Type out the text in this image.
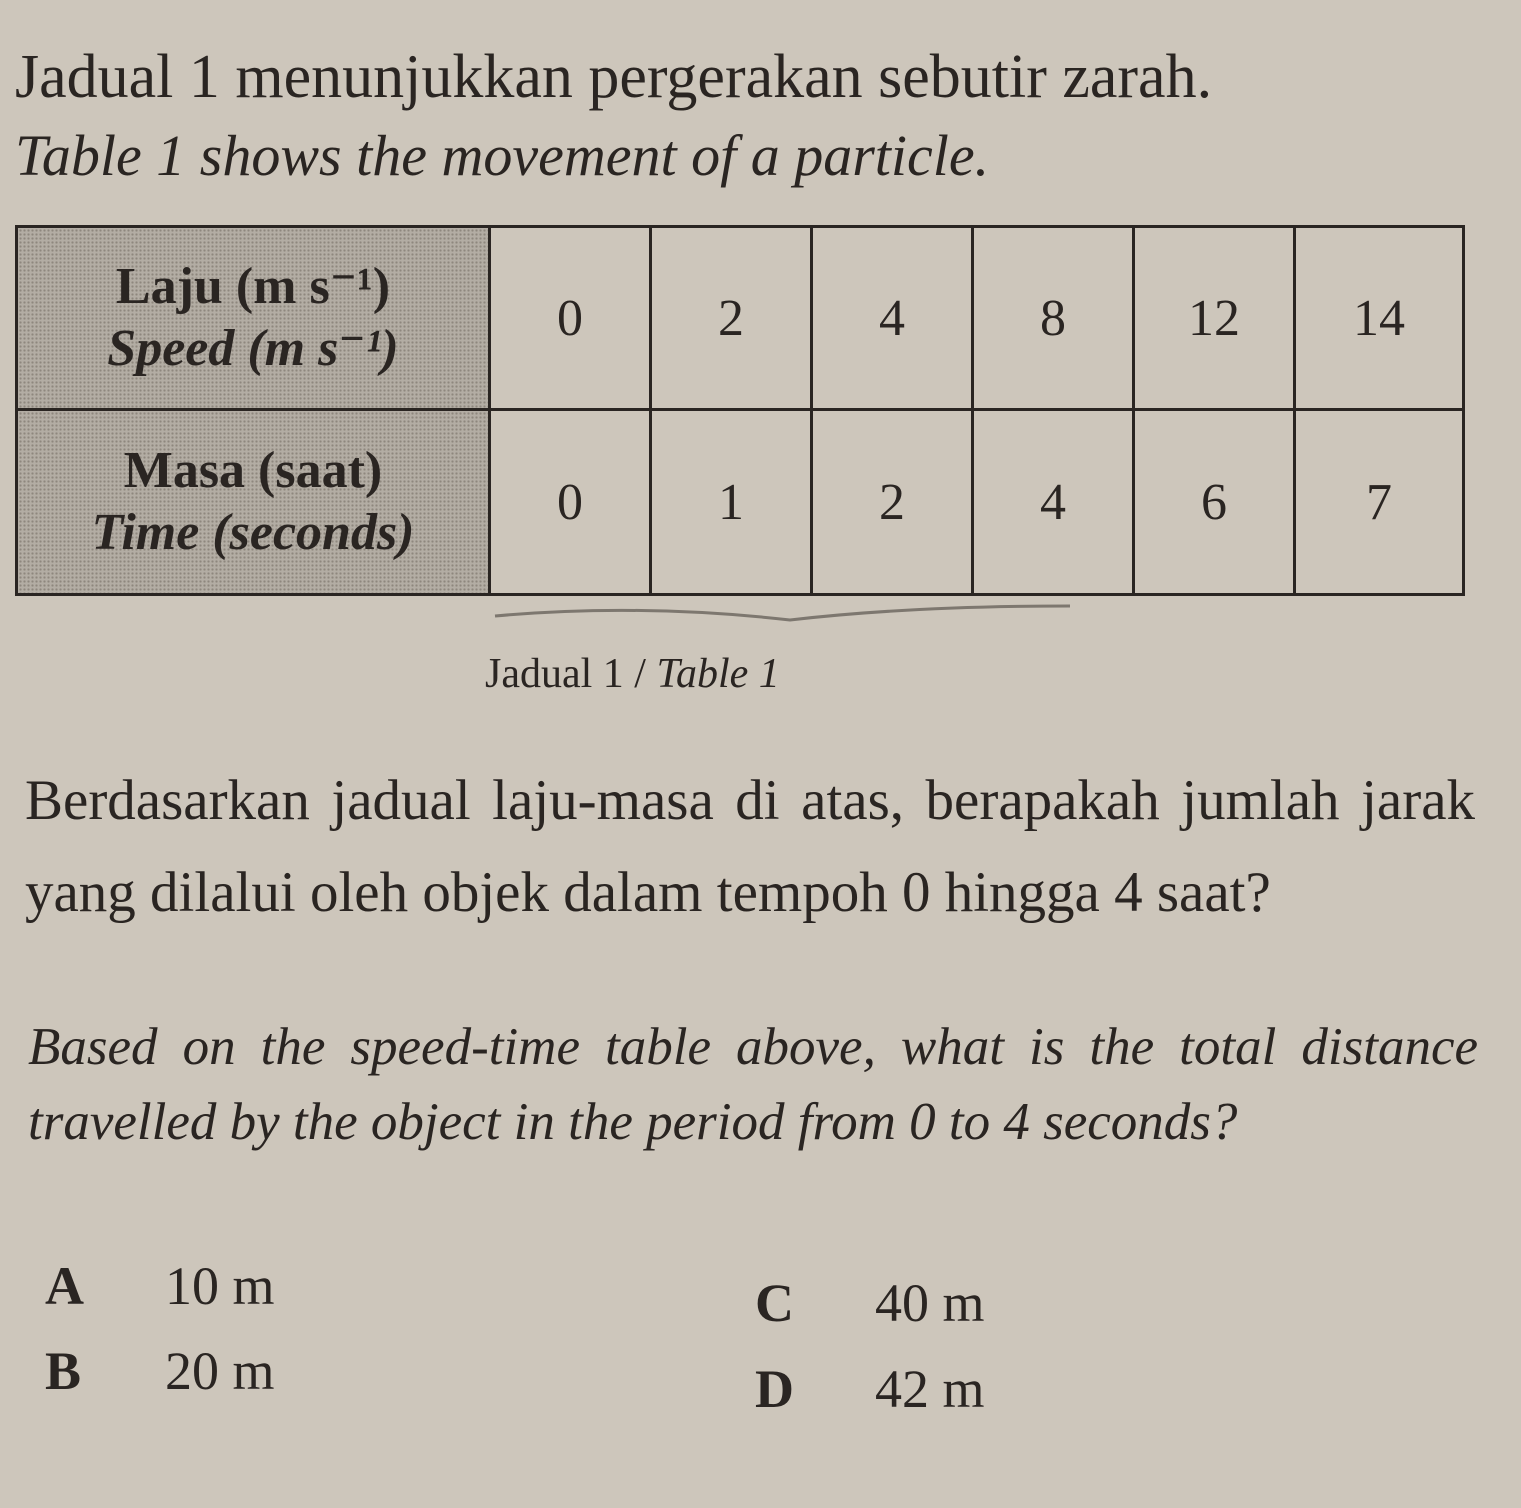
Jadual 1 menunjukkan pergerakan sebutir zarah.
Table 1 shows the movement of a particle.
Laju (m s⁻¹)
Speed (m s⁻¹)	0	2	4	8	12	14

Masa (saat)
Time (seconds)	0	1	2	4	6	7
Jadual 1 / Table 1
Berdasarkan jadual laju-masa di atas, berapakah jumlah jarak yang dilalui oleh objek dalam tempoh 0 hingga 4 saat?
Based on the speed-time table above, what is the total distance travelled by the object in the period from 0 to 4 seconds?
A 10 m
B 20 m
C 40 m
D 42 m
